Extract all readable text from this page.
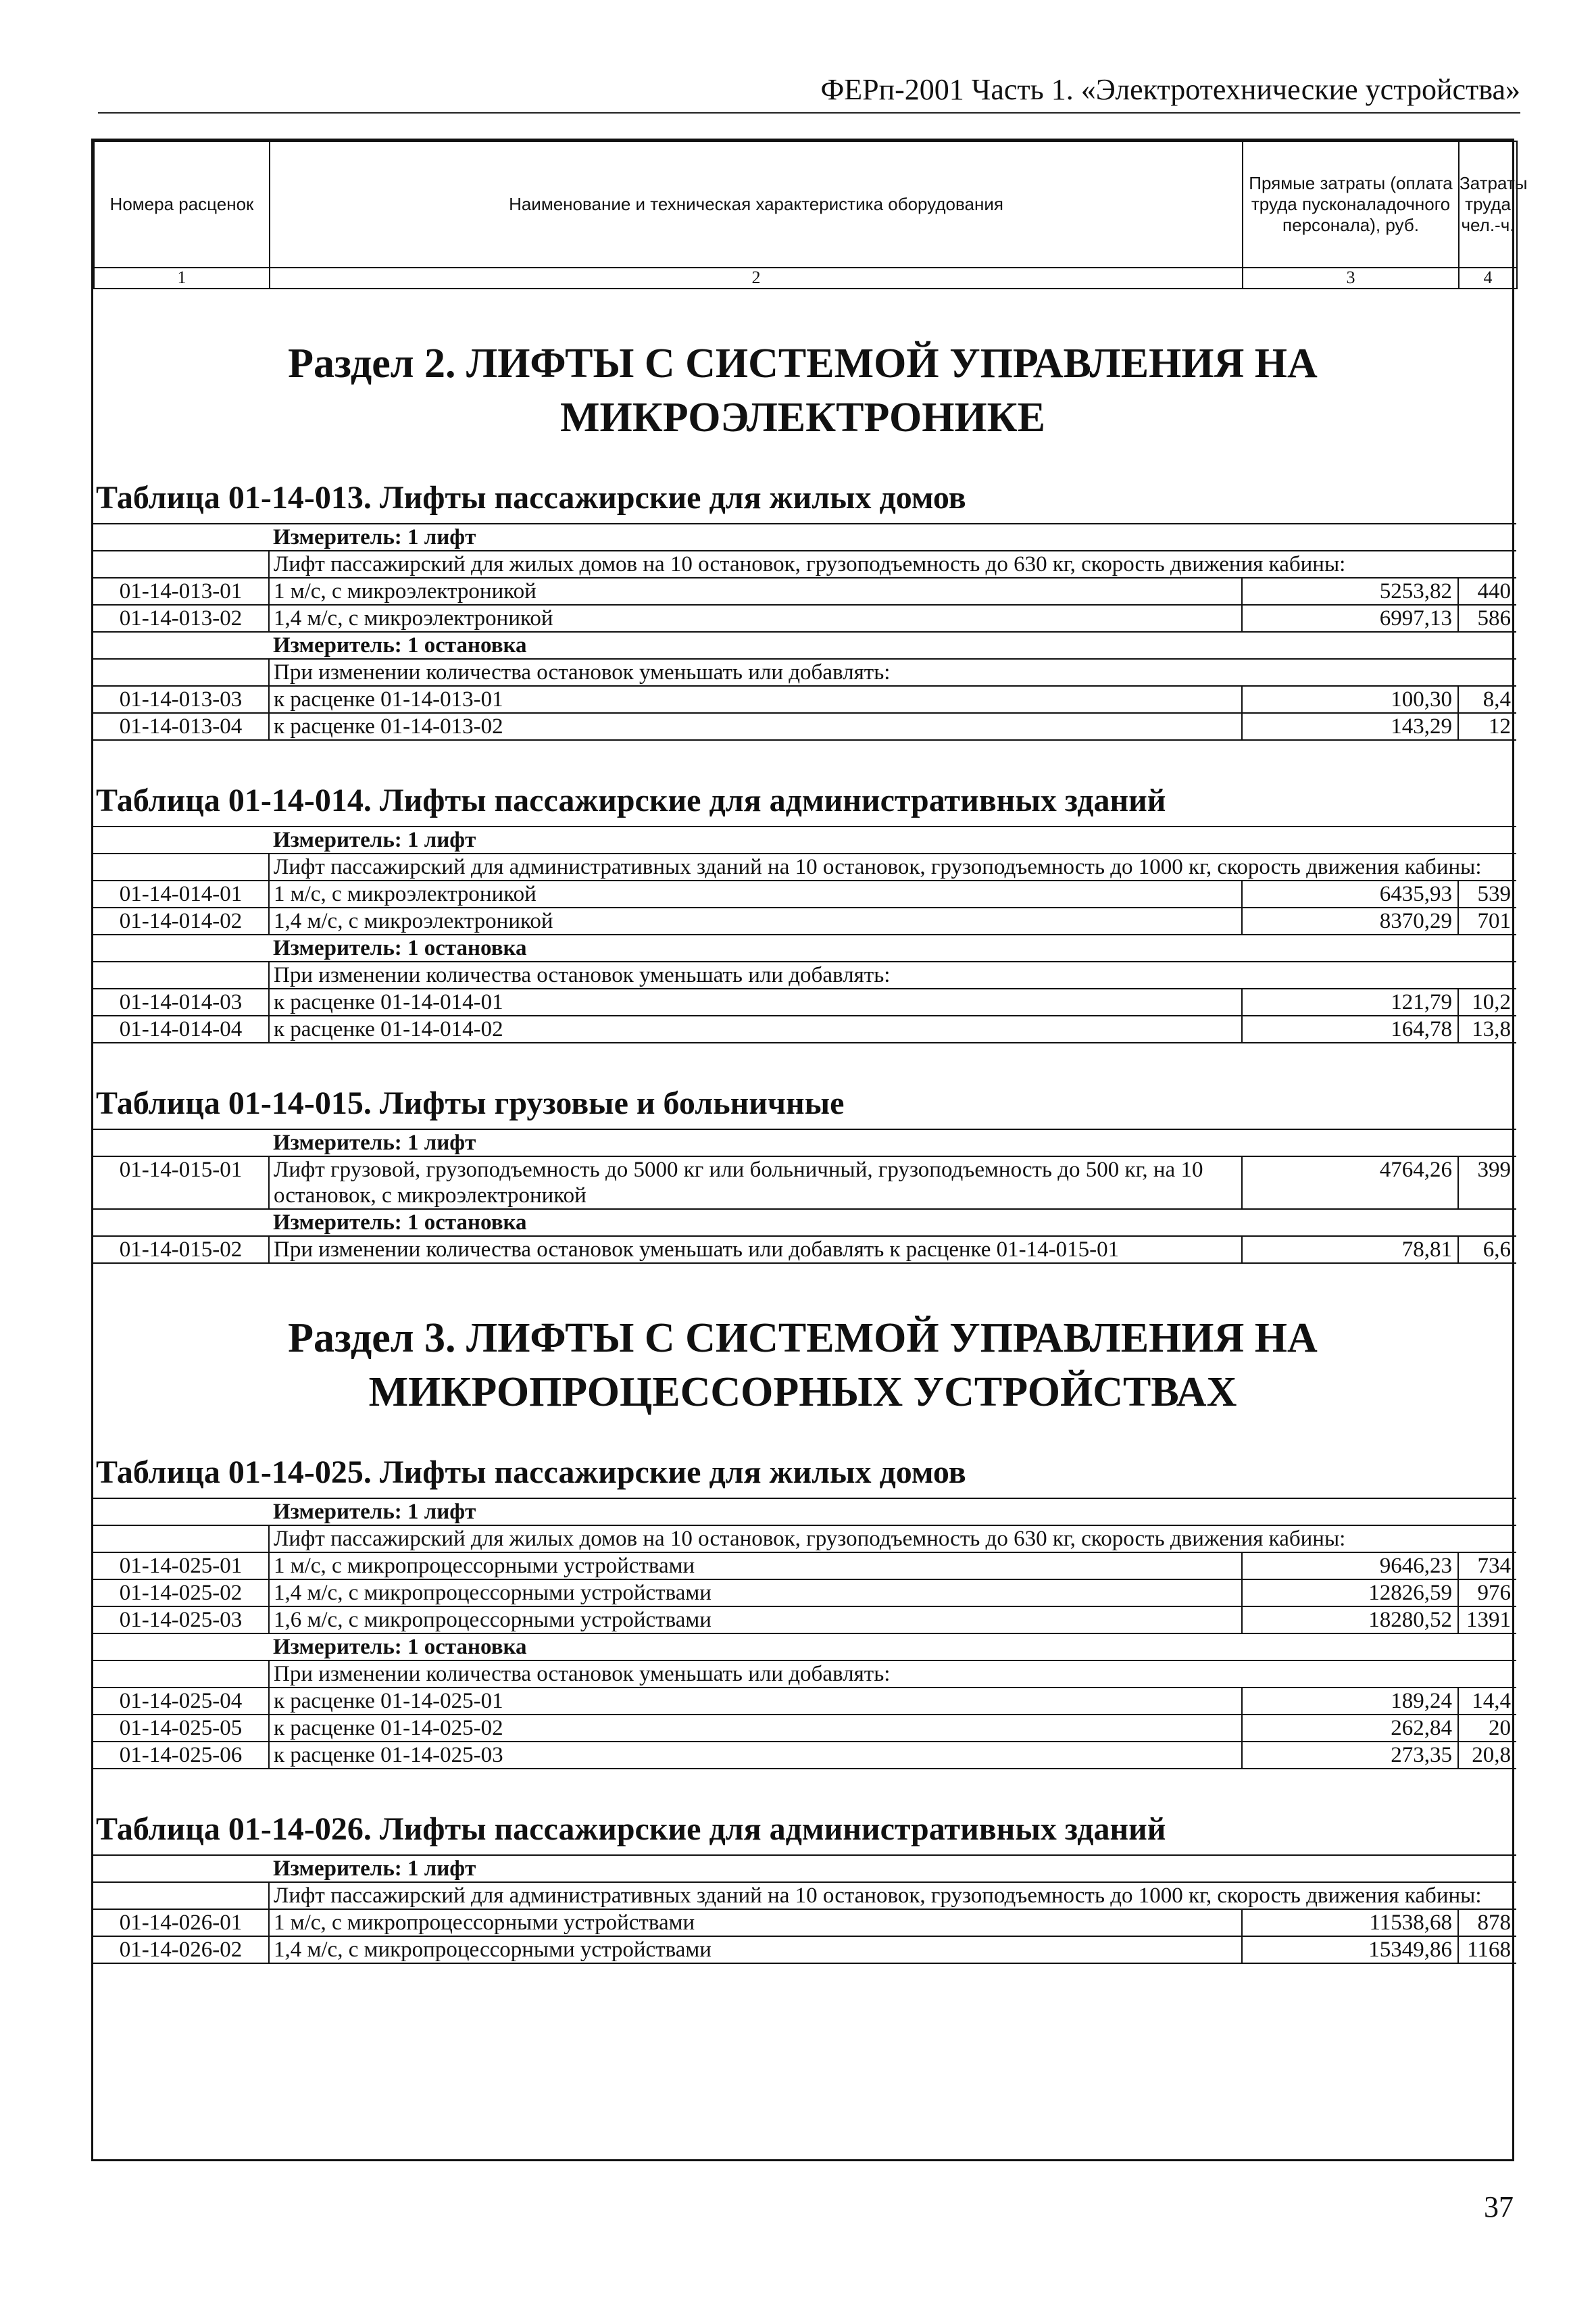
ФЕРп-2001 Часть 1. «Электротехнические устройства»
Номера расценок	Наименование и техническая характеристика оборудования	Прямые затраты (оплата труда пусконаладочного персонала), руб.	Затраты труда чел.-ч.
1	2	3	4
Раздел 2. ЛИФТЫ С СИСТЕМОЙ УПРАВЛЕНИЯ НА
МИКРОЭЛЕКТРОНИКЕ
Таблица 01-14-013. Лифты пассажирские для жилых домов
	Измеритель: 1 лифт		
	Лифт пассажирский для жилых домов на 10 остановок, грузоподъемность до 630 кг, скорость движения кабины:		
01-14-013-01	1 м/с, с микроэлектроникой	5253,82	440
01-14-013-02	1,4 м/с, с микроэлектроникой	6997,13	586
	Измеритель: 1 остановка		
	При изменении количества остановок уменьшать или добавлять:		
01-14-013-03	к расценке 01-14-013-01	100,30	8,4
01-14-013-04	к расценке 01-14-013-02	143,29	12
Таблица 01-14-014. Лифты пассажирские для административных зданий
	Измеритель: 1 лифт		
	Лифт пассажирский для административных зданий на 10 остановок, грузоподъемность до 1000 кг, скорость движения кабины:		
01-14-014-01	1 м/с, с микроэлектроникой	6435,93	539
01-14-014-02	1,4 м/с, с микроэлектроникой	8370,29	701
	Измеритель: 1 остановка		
	При изменении количества остановок уменьшать или добавлять:		
01-14-014-03	к расценке 01-14-014-01	121,79	10,2
01-14-014-04	к расценке 01-14-014-02	164,78	13,8
Таблица 01-14-015. Лифты грузовые и больничные
	Измеритель: 1 лифт		
01-14-015-01	Лифт грузовой, грузоподъемность до 5000 кг или больничный, грузоподъемность до 500 кг, на 10 остановок, с микроэлектроникой	4764,26	399
	Измеритель: 1 остановка		
01-14-015-02	При изменении количества остановок уменьшать или добавлять к расценке 01-14-015-01	78,81	6,6
Раздел 3. ЛИФТЫ С СИСТЕМОЙ УПРАВЛЕНИЯ НА
МИКРОПРОЦЕССОРНЫХ УСТРОЙСТВАХ
Таблица 01-14-025. Лифты пассажирские для жилых домов
	Измеритель: 1 лифт		
	Лифт пассажирский для жилых домов на 10 остановок, грузоподъемность до 630 кг, скорость движения кабины:		
01-14-025-01	1 м/с, с микропроцессорными устройствами	9646,23	734
01-14-025-02	1,4 м/с, с микропроцессорными устройствами	12826,59	976
01-14-025-03	1,6 м/с, с микропроцессорными устройствами	18280,52	1391
	Измеритель: 1 остановка		
	При изменении количества остановок уменьшать или добавлять:		
01-14-025-04	к расценке 01-14-025-01	189,24	14,4
01-14-025-05	к расценке 01-14-025-02	262,84	20
01-14-025-06	к расценке 01-14-025-03	273,35	20,8
Таблица 01-14-026. Лифты пассажирские для административных зданий
	Измеритель: 1 лифт		
	Лифт пассажирский для административных зданий на 10 остановок, грузоподъемность до 1000 кг, скорость движения кабины:		
01-14-026-01	1 м/с, с микропроцессорными устройствами	11538,68	878
01-14-026-02	1,4 м/с, с микропроцессорными устройствами	15349,86	1168
37
